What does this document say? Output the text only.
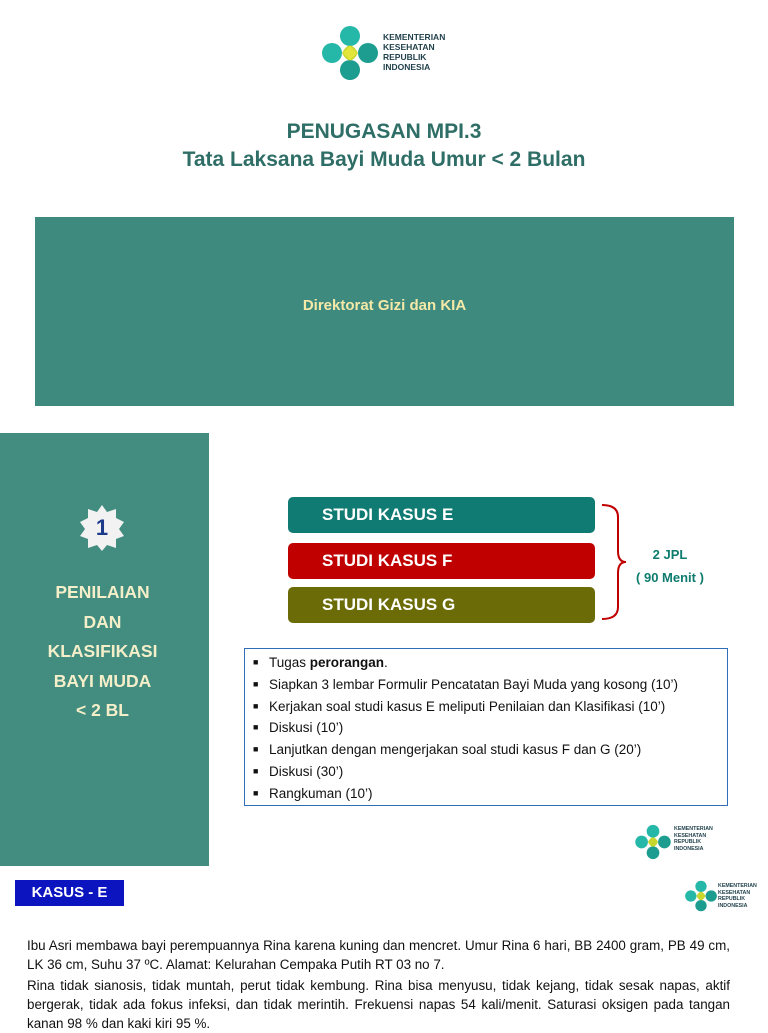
KEMENTERIAN
KESEHATAN
REPUBLIK
INDONESIA
PENUGASAN MPI.3
Tata Laksana Bayi Muda Umur < 2 Bulan
Direktorat Gizi dan KIA
1
PENILAIAN
DAN
KLASIFIKASI
BAYI MUDA
< 2 BL
STUDI KASUS E
STUDI KASUS F
STUDI KASUS G
2 JPL
( 90 Menit )
■ Tugas perorangan.
■ Siapkan 3 lembar Formulir Pencatatan Bayi Muda yang kosong (10’)
■ Kerjakan soal studi kasus E meliputi Penilaian dan Klasifikasi (10’)
■ Diskusi (10’)
■ Lanjutkan dengan mengerjakan soal studi kasus F dan G (20’)
■ Diskusi (30’)
■ Rangkuman (10’)
KEMENTERIAN
KESEHATAN
REPUBLIK
INDONESIA
KASUS - E	KEMENTERIAN
KESEHATAN
REPUBLIK
INDONESIA
Ibu Asri membawa bayi perempuannya Rina karena kuning dan mencret. Umur Rina 6 hari, BB 2400 gram, PB 49 cm, LK 36 cm, Suhu 37 ºC. Alamat: Kelurahan Cempaka Putih RT 03 no 7.
Rina tidak sianosis, tidak muntah, perut tidak kembung. Rina bisa menyusu, tidak kejang, tidak sesak napas, aktif bergerak, tidak ada fokus infeksi, dan tidak merintih. Frekuensi napas 54 kali/menit. Saturasi oksigen pada tangan kanan 98 % dan kaki kiri 95 %.
